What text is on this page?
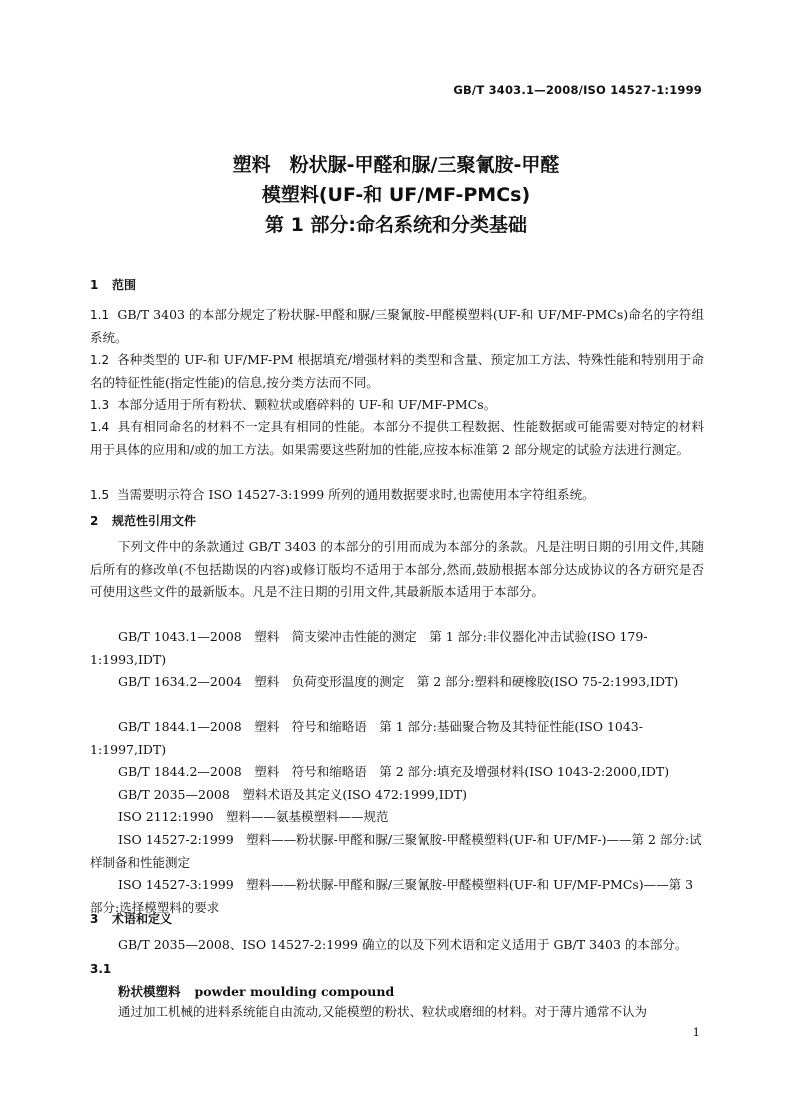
GB/T 3403.1—2008/ISO 14527-1:1999
塑料　粉状脲-甲醛和脲/三聚氰胺-甲醛
模塑料(UF-和 UF/MF-PMCs)
第 1 部分:命名系统和分类基础
1 范围
1.1 GB/T 3403 的本部分规定了粉状脲-甲醛和脲/三聚氰胺-甲醛模塑料(UF-和 UF/MF-PMCs)命名的字符组系统。
1.2 各种类型的 UF-和 UF/MF-PM 根据填充/增强材料的类型和含量、预定加工方法、特殊性能和特别用于命名的特征性能(指定性能)的信息,按分类方法而不同。
1.3 本部分适用于所有粉状、颗粒状或磨碎料的 UF-和 UF/MF-PMCs。
1.4 具有相同命名的材料不一定具有相同的性能。本部分不提供工程数据、性能数据或可能需要对特定的材料用于具体的应用和/或的加工方法。如果需要这些附加的性能,应按本标准第 2 部分规定的试验方法进行测定。
1.5 当需要明示符合 ISO 14527-3:1999 所列的通用数据要求时,也需使用本字符组系统。
2 规范性引用文件
下列文件中的条款通过 GB/T 3403 的本部分的引用而成为本部分的条款。凡是注明日期的引用文件,其随后所有的修改单(不包括勘误的内容)或修订版均不适用于本部分,然而,鼓励根据本部分达成协议的各方研究是否可使用这些文件的最新版本。凡是不注日期的引用文件,其最新版本适用于本部分。
GB/T 1043.1—2008　塑料　简支梁冲击性能的测定　第 1 部分:非仪器化冲击试验(ISO 179-1:1993,IDT)
GB/T 1634.2—2004　塑料　负荷变形温度的测定　第 2 部分:塑料和硬橡胶(ISO 75-2:1993,IDT)
GB/T 1844.1—2008　塑料　符号和缩略语　第 1 部分:基础聚合物及其特征性能(ISO 1043-1:1997,IDT)
GB/T 1844.2—2008　塑料　符号和缩略语　第 2 部分:填充及增强材料(ISO 1043-2:2000,IDT)
GB/T 2035—2008　塑料术语及其定义(ISO 472:1999,IDT)
ISO 2112:1990　塑料——氨基模塑料——规范
ISO 14527-2:1999　塑料——粉状脲-甲醛和脲/三聚氰胺-甲醛模塑料(UF-和 UF/MF-)——第 2 部分:试样制备和性能测定
ISO 14527-3:1999　塑料——粉状脲-甲醛和脲/三聚氰胺-甲醛模塑料(UF-和 UF/MF-PMCs)——第 3 部分:选择模塑料的要求
3 术语和定义
GB/T 2035—2008、ISO 14527-2:1999 确立的以及下列术语和定义适用于 GB/T 3403 的本部分。
3.1
粉状模塑料 powder moulding compound
通过加工机械的进料系统能自由流动,又能模塑的粉状、粒状或磨细的材料。对于薄片通常不认为
1
